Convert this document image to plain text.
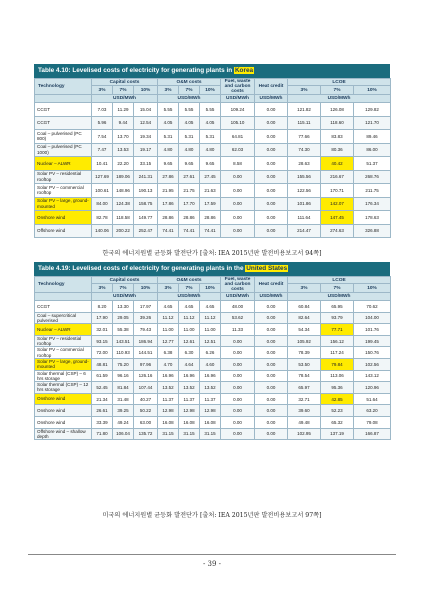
Table 4.10: Levelised costs of electricity for generating plants in Korea
Technology	Capital costs			O&M costs			Fuel, waste and carbon costs	Heat credit	LCOE		
	3%	7%	10%	3%	7%	10%			3%	7%	10%
	USD/MWh			USD/MWh			USD/MWh	USD/MWh	USD/MWh		
CCGT	7.03	11.29	15.04	5.55	5.55	5.55	109.24	0.00	121.82	126.08	129.82
CCGT	5.96	9.44	12.54	4.05	4.05	4.05	105.10	0.00	115.11	118.60	121.70
Coal – pulverised (PC 800)	7.54	13.70	19.34	5.31	5.31	5.31	64.81	0.00	77.66	83.83	89.46
Coal – pulverised (PC 1000)	7.47	13.53	19.17	4.80	4.80	4.80	62.03	0.00	74.30	80.36	86.00
Nuclear – ALWR	10.41	22.20	33.15	9.65	9.65	9.65	8.58	0.00	28.63	40.42	51.37
Solar PV – residential rooftop	127.69	189.06	241.31	27.86	27.61	27.45	0.00	0.00	155.56	216.67	268.76
Solar PV – commercial rooftop	100.61	148.96	190.13	21.95	21.75	21.63	0.00	0.00	122.56	170.71	211.75
Solar PV – large, ground-mounted	84.00	124.38	158.75	17.86	17.70	17.59	0.00	0.00	101.86	142.07	176.34
Onshore wind	82.78	118.58	149.77	28.86	28.86	28.86	0.00	0.00	111.64	147.45	178.63
Offshore wind	140.06	200.22	252.47	74.41	74.41	74.41	0.00	0.00	214.47	274.63	326.88
한국의 에너지원별 균등화 발전단가 [출처: IEA 2015년판 발전비용보고서 94쪽]
Table 4.19: Levelised costs of electricity for generating plants in the United States
Technology	Capital costs			O&M costs			Fuel, waste and carbon costs	Heat credit	LCOE		
	3%	7%	10%	3%	7%	10%			3%	7%	10%
	USD/MWh			USD/MWh			USD/MWh	USD/MWh	USD/MWh		
CCGT	8.20	13.30	17.97	4.65	4.65	4.65	48.00	0.00	60.84	65.95	70.62
Coal – supercritical pulverised	17.90	29.05	39.26	11.12	11.12	11.12	53.62	0.00	82.64	93.79	104.00
Nuclear – ALWR	32.01	55.38	79.43	11.00	11.00	11.00	11.33	0.00	54.34	77.71	101.76
Solar PV – residential rooftop	93.15	143.51	186.94	12.77	12.61	12.51	0.00	0.00	105.92	156.12	199.45
Solar PV – commercial rooftop	72.00	110.93	144.51	6.38	6.30	6.26	0.00	0.00	78.39	117.24	150.76
Solar PV – large, ground-mounted	48.81	75.20	97.96	4.70	4.64	4.60	0.00	0.00	53.50	79.84	102.56
Solar thermal (CSP) – 6 hrs storage	61.59	96.16	126.16	16.96	16.96	16.96	0.00	0.00	78.54	113.06	143.12
Solar thermal (CSP) – 12 hrs storage	52.45	81.84	107.44	13.52	13.52	13.52	0.00	0.00	65.97	95.36	120.96
Onshore wind	21.34	31.48	40.27	11.37	11.37	11.37	0.00	0.00	32.71	42.85	51.64
Onshore wind	26.61	39.25	50.22	12.98	12.98	12.98	0.00	0.00	39.60	52.23	63.20
Onshore wind	33.39	49.24	63.00	16.08	16.08	16.08	0.00	0.00	49.48	65.32	79.08
Offshore wind – shallow depth	71.80	106.04	135.72	31.15	31.15	31.15	0.00	0.00	102.95	137.19	166.87
미국의 에너지원별 균등화 발전단가 [출처: IEA 2015년판 발전비용보고서 97쪽]
- 39 -
